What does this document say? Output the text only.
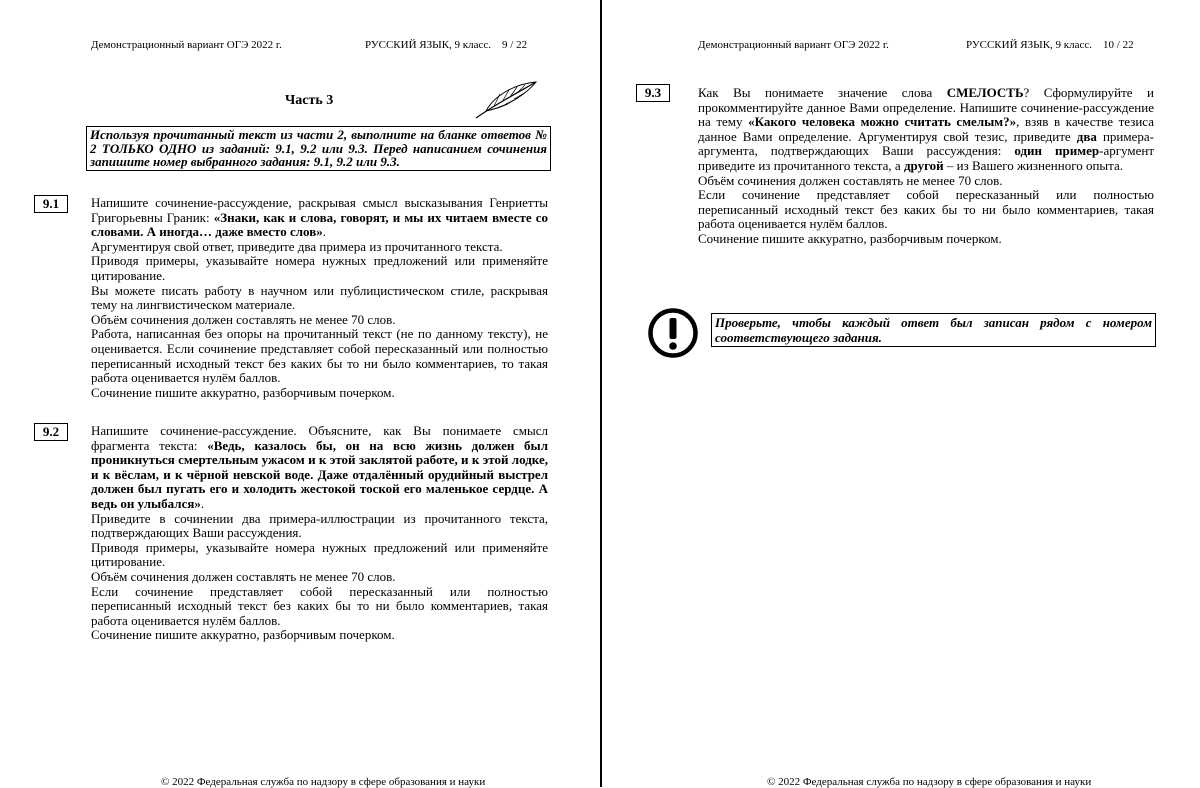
Демонстрационный вариант ОГЭ 2022 г.	РУССКИЙ ЯЗЫК, 9 класс.    9 / 22
Часть 3
Используя прочитанный текст из части 2, выполните на бланке ответов № 2 ТОЛЬКО ОДНО из заданий: 9.1, 9.2 или 9.3. Перед написанием сочинения запишите номер выбранного задания: 9.1, 9.2 или 9.3.
9.1	Напишите сочинение-рассуждение, раскрывая смысл высказывания Генриетты Григорьевны Граник: «Знаки, как и слова, говорят, и мы их читаем вместе со словами. А иногда… даже вместо слов».

Аргументируя свой ответ, приведите два примера из прочитанного текста.

Приводя примеры, указывайте номера нужных предложений или применяйте цитирование.

Вы можете писать работу в научном или публицистическом стиле, раскрывая тему на лингвистическом материале.

Объём сочинения должен составлять не менее 70 слов.

Работа, написанная без опоры на прочитанный текст (не по данному тексту), не оценивается. Если сочинение представляет собой пересказанный или полностью переписанный исходный текст без каких бы то ни было комментариев, то такая работа оценивается нулём баллов.

Сочинение пишите аккуратно, разборчивым почерком.

9.2	Напишите сочинение-рассуждение. Объясните, как Вы понимаете смысл фрагмента текста: «Ведь, казалось бы, он на всю жизнь должен был проникнуться смертельным ужасом и к этой заклятой работе, и к этой лодке, и к вёслам, и к чёрной невской воде. Даже отдалённый орудийный выстрел должен был пугать его и холодить жестокой тоской его маленькое сердце. А ведь он улыбался».

Приведите в сочинении два примера-иллюстрации из прочитанного текста, подтверждающих Ваши рассуждения.

Приводя примеры, указывайте номера нужных предложений или применяйте цитирование.

Объём сочинения должен составлять не менее 70 слов.

Если сочинение представляет собой пересказанный или полностью переписанный исходный текст без каких бы то ни было комментариев, такая работа оценивается нулём баллов.

Сочинение пишите аккуратно, разборчивым почерком.

© 2022 Федеральная служба по надзору в сфере образования и науки
Демонстрационный вариант ОГЭ 2022 г.	РУССКИЙ ЯЗЫК, 9 класс.    10 / 22
9.3	Как Вы понимаете значение слова СМЕЛОСТЬ? Сформулируйте и прокомментируйте данное Вами определение. Напишите сочинение-рассуждение на тему «Какого человека можно считать смелым?», взяв в качестве тезиса данное Вами определение. Аргументируя свой тезис, приведите два примера-аргумента, подтверждающих Ваши рассуждения: один пример-аргумент приведите из прочитанного текста, а другой – из Вашего жизненного опыта.

Объём сочинения должен составлять не менее 70 слов.

Если сочинение представляет собой пересказанный или полностью переписанный исходный текст без каких бы то ни было комментариев, такая работа оценивается нулём баллов.

Сочинение пишите аккуратно, разборчивым почерком.

© 2022 Федеральная служба по надзору в сфере образования и науки
Проверьте, чтобы каждый ответ был записан рядом с номером соответствующего задания.
